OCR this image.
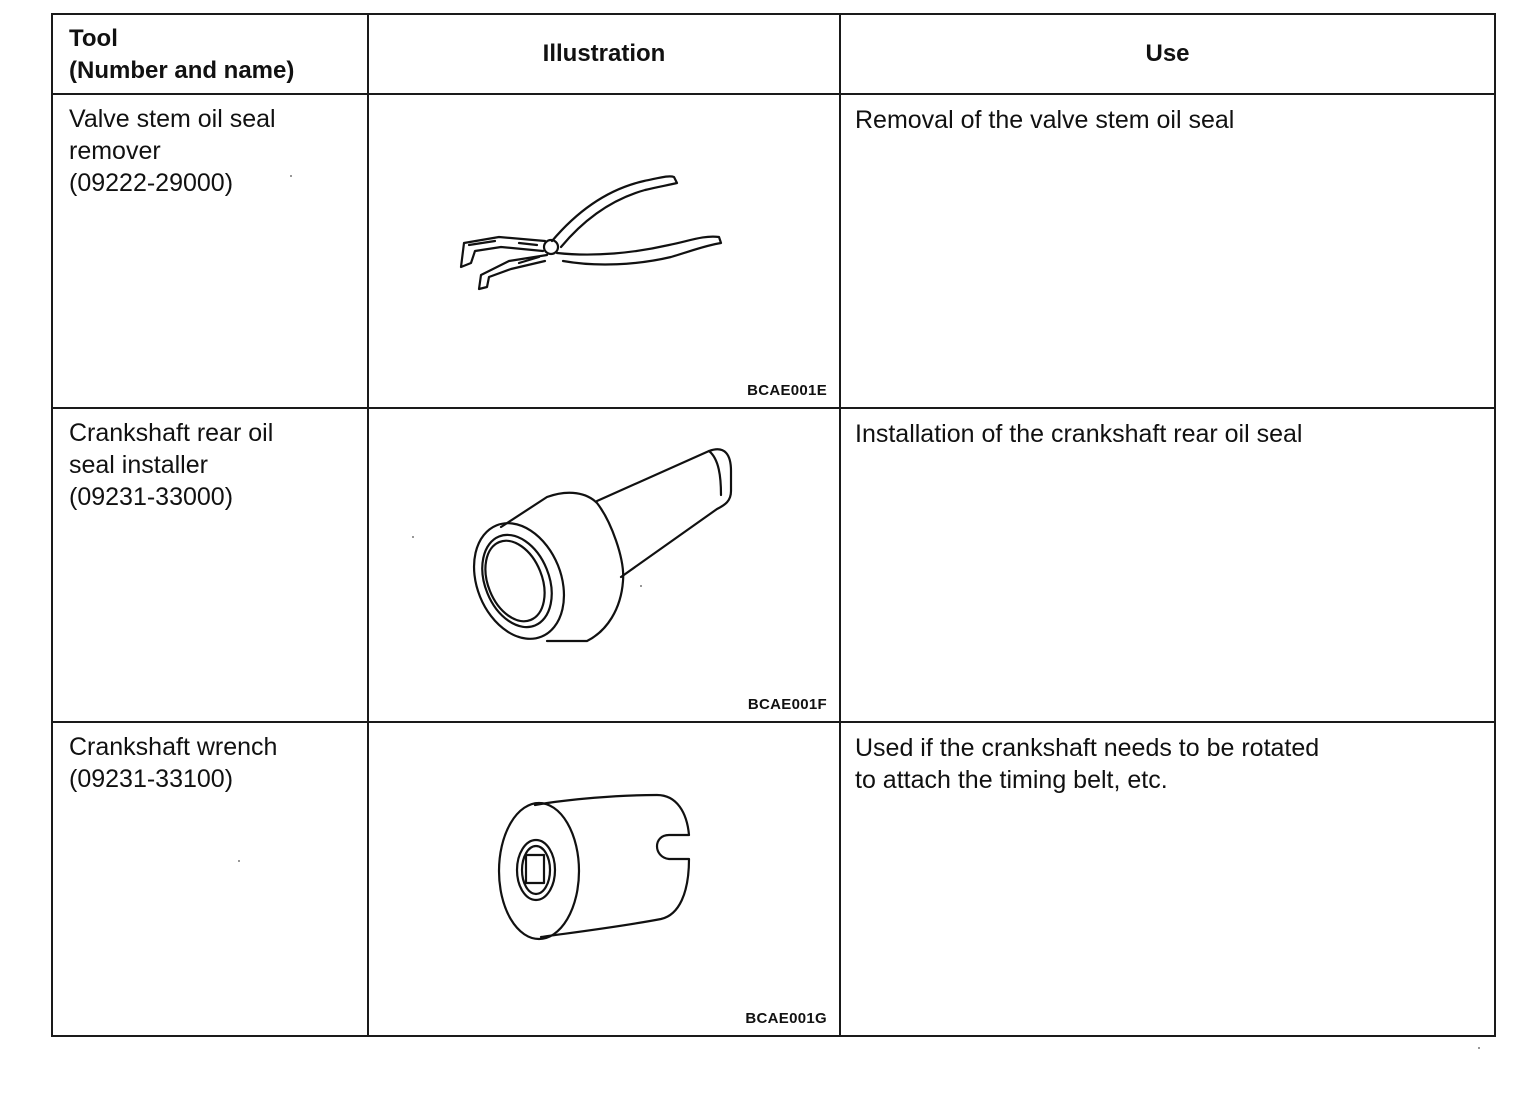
Tool
(Number and name)	Illustration	Use

Valve stem oil seal
remover
(09222-29000)	BCAE001E	Removal of the valve stem oil seal

Crankshaft rear oil
seal installer
(09231-33000)	BCAE001F	Installation of the crankshaft rear oil seal

Crankshaft wrench
(09231-33100)	BCAE001G	Used if the crankshaft needs to be rotated
to attach the timing belt, etc.
